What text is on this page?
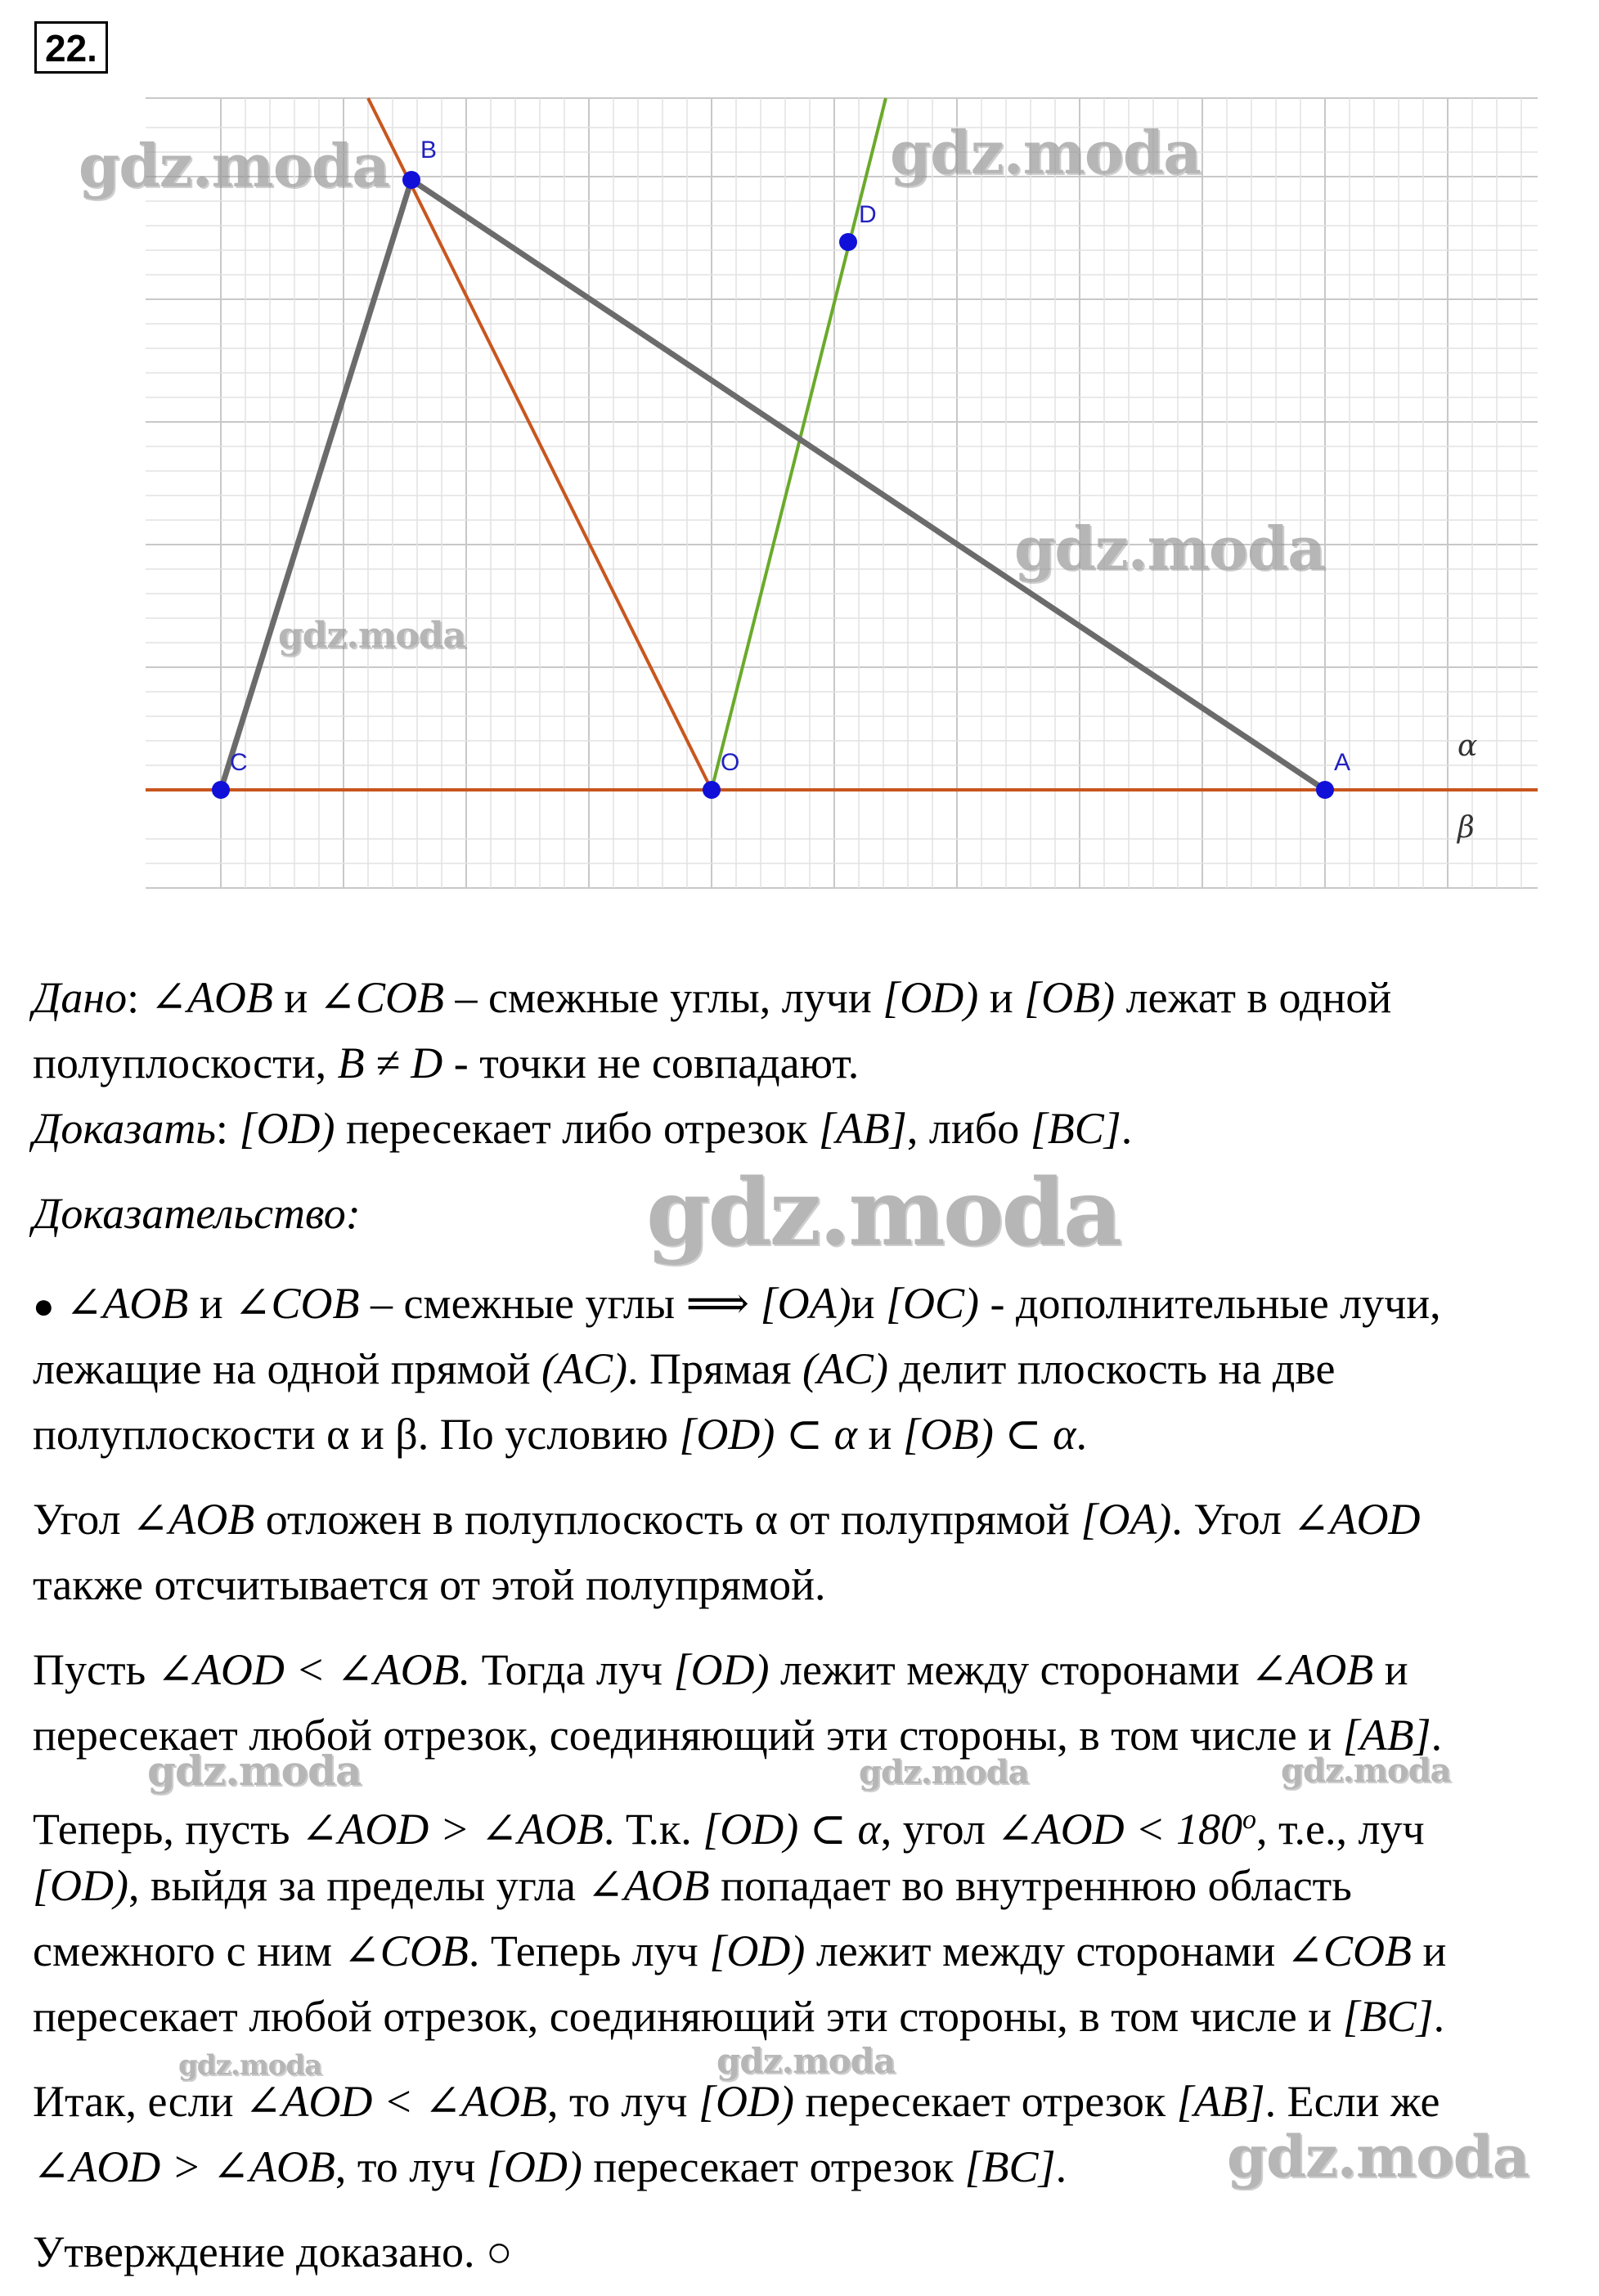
22.
B
D
C	O	A	α
β
gdz.moda	gdz.moda
gdz.moda
gdz.moda
Дано: ∠AOB и ∠COB – смежные углы, лучи [OD) и [OB) лежат в одной
полуплоскости, B ≠ D - точки не совпадают.
Доказать: [OD) пересекает либо отрезок [AB], либо [BC].
Доказательство:	gdz.moda
● ∠AOB и ∠COB – смежные углы ⟹ [OA)и [OC) - дополнительные лучи,
лежащие на одной прямой (AC). Прямая (AC) делит плоскость на две
полуплоскости α и β. По условию [OD) ⊂ α и [OB) ⊂ α.
Угол ∠AOB отложен в полуплоскость α от полупрямой [OA). Угол ∠AOD
также отсчитывается от этой полупрямой.
Пусть ∠AOD < ∠AOB. Тогда луч [OD) лежит между сторонами ∠AOB и
пересекает любой отрезок, соединяющий эти стороны, в том числе и [AB].
gdz.moda	gdz.moda	gdz.moda
Теперь, пусть ∠AOD > ∠AOB. Т.к. [OD) ⊂ α, угол ∠AOD < $180^o$, т.е., луч
[OD), выйдя за пределы угла ∠AOB попадает во внутреннюю область
смежного с ним ∠COB. Теперь луч [OD) лежит между сторонами ∠COB и
пересекает любой отрезок, соединяющий эти стороны, в том числе и [BC].
gdz.moda	gdz.moda
Итак, если ∠AOD < ∠AOB, то луч [OD) пересекает отрезок [AB]. Если же
∠AOD > ∠AOB, то луч [OD) пересекает отрезок [BC].	gdz.moda
Утверждение доказано. ○
